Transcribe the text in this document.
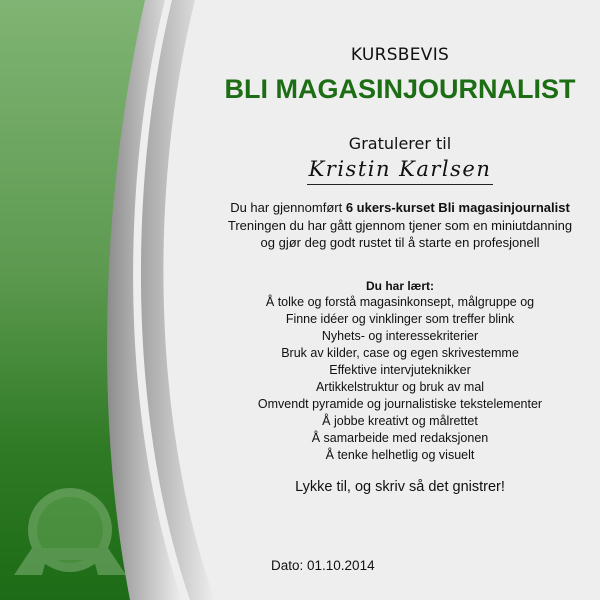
KURSBEVIS
BLI MAGASINJOURNALIST
Gratulerer til
Kristin Karlsen
Du har gjennomført 6 ukers-kurset Bli magasinjournalist
Treningen du har gått gjennom tjener som en miniutdanning
og gjør deg godt rustet til å starte en profesjonell
Du har lært:
Å tolke og forstå magasinkonsept, målgruppe og
Finne idéer og vinklinger som treffer blink
Nyhets- og interessekriterier
Bruk av kilder, case og egen skrivestemme
Effektive intervjuteknikker
Artikkelstruktur og bruk av mal
Omvendt pyramide og journalistiske tekstelementer
Å jobbe kreativt og målrettet
Å samarbeide med redaksjonen
Å tenke helhetlig og visuelt
Lykke til, og skriv så det gnistrer!
Dato: 01.10.2014
